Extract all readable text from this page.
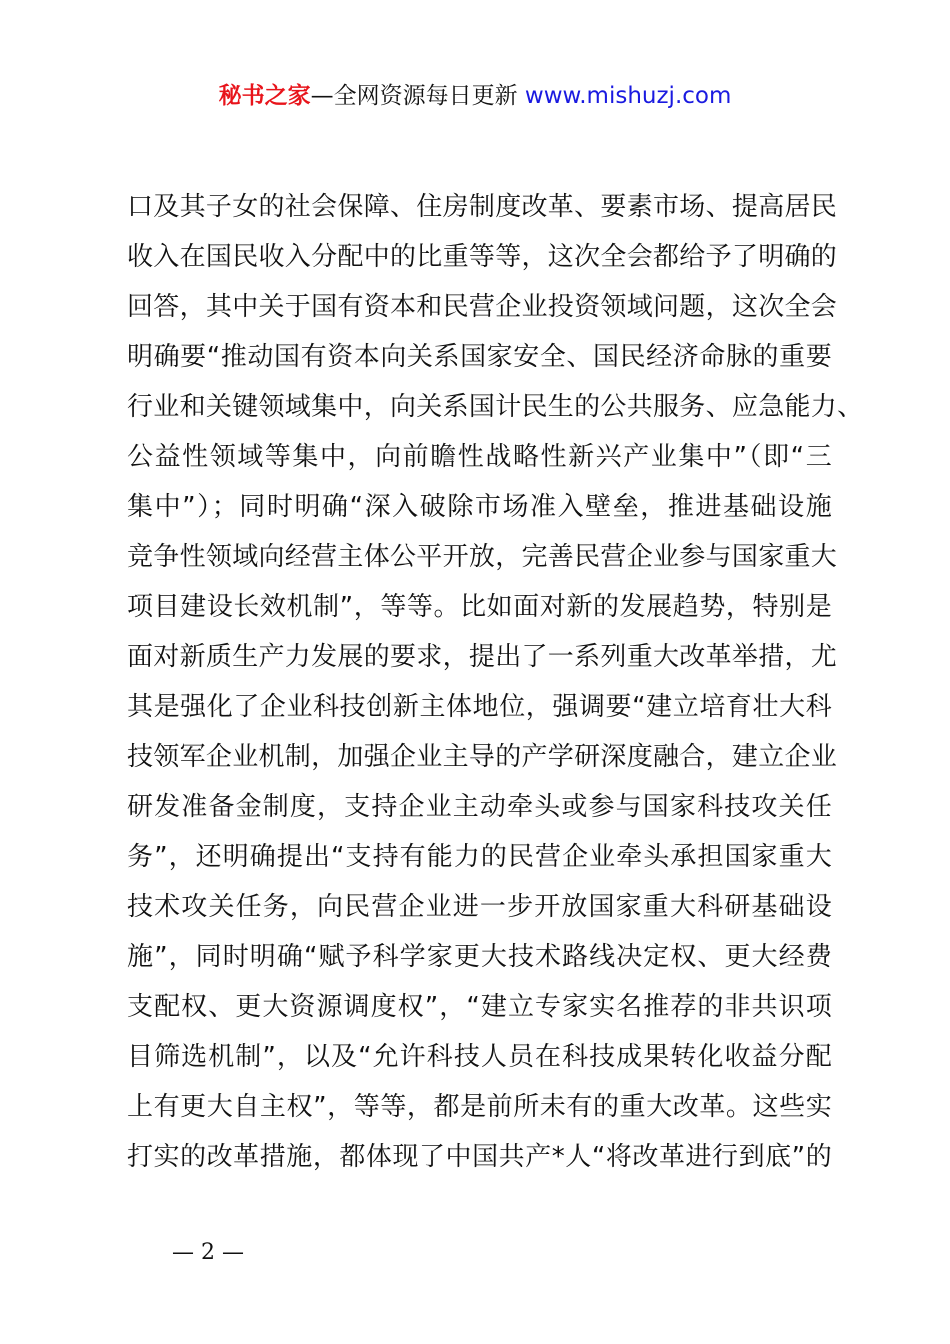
秘书之家—全网资源每日更新 www.mishuzj.com
口及其子女的社会保障、住房制度改革、要素市场、提高居民
收入在国民收入分配中的比重等等，这次全会都给予了明确的
回答，其中关于国有资本和民营企业投资领域问题，这次全会
明确要“推动国有资本向关系国家安全、国民经济命脉的重要
行业和关键领域集中，向关系国计民生的公共服务、应急能力、
公益性领域等集中，向前瞻性战略性新兴产业集中”（即“三
集中”）；同时明确“深入破除市场准入壁垒，推进基础设施
竞争性领域向经营主体公平开放，完善民营企业参与国家重大
项目建设长效机制”，等等。比如面对新的发展趋势，特别是
面对新质生产力发展的要求，提出了一系列重大改革举措，尤
其是强化了企业科技创新主体地位，强调要“建立培育壮大科
技领军企业机制，加强企业主导的产学研深度融合，建立企业
研发准备金制度，支持企业主动牵头或参与国家科技攻关任
务”，还明确提出“支持有能力的民营企业牵头承担国家重大
技术攻关任务，向民营企业进一步开放国家重大科研基础设
施”，同时明确“赋予科学家更大技术路线决定权、更大经费
支配权、更大资源调度权”，“建立专家实名推荐的非共识项
目筛选机制”，以及“允许科技人员在科技成果转化收益分配
上有更大自主权”，等等，都是前所未有的重大改革。这些实
打实的改革措施，都体现了中国共产*人“将改革进行到底”的
— 2 —
